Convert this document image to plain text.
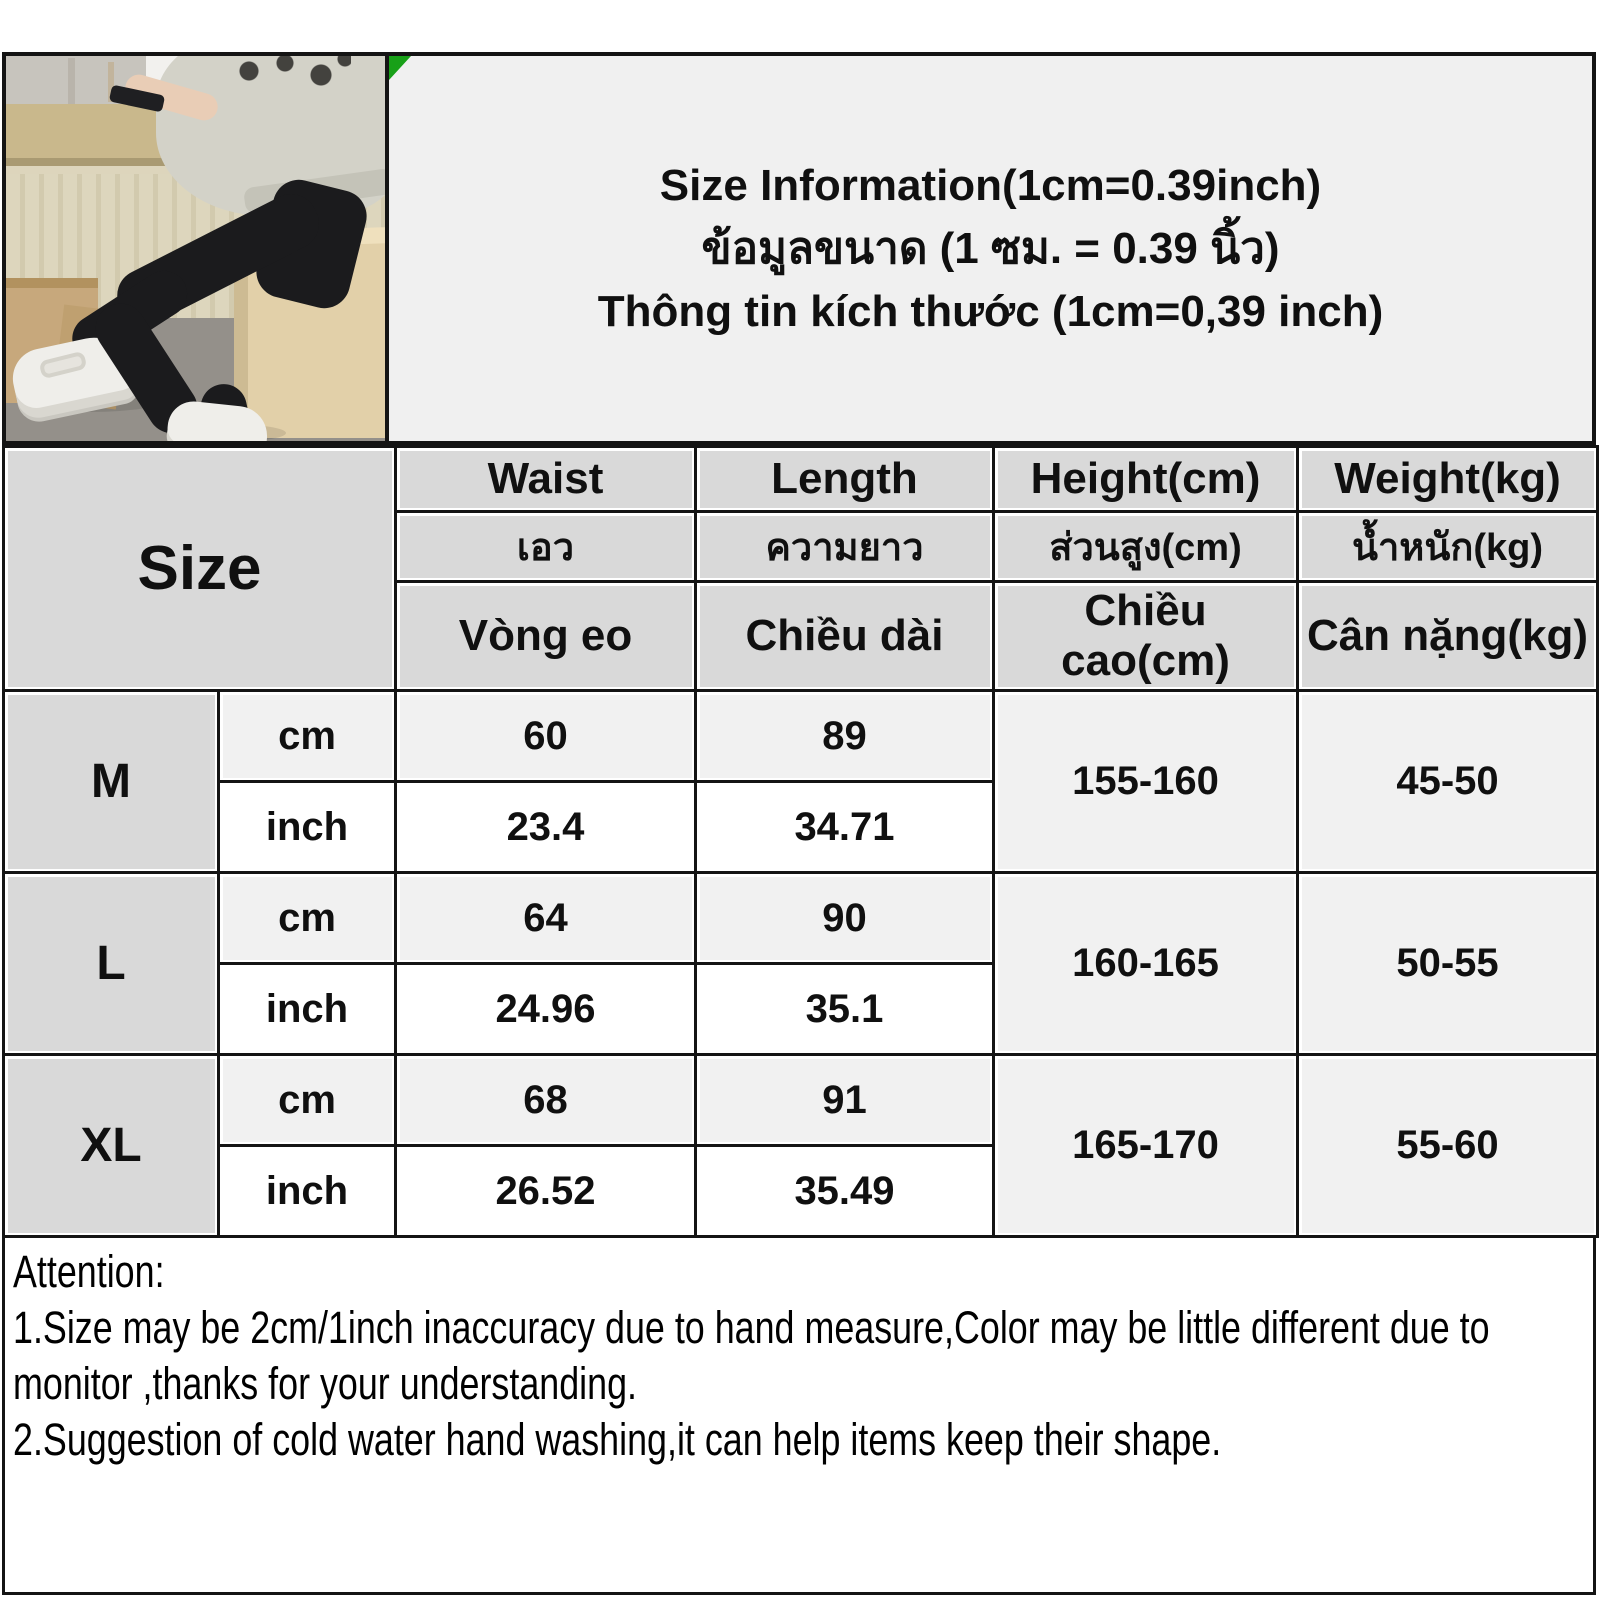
Size Information(1cm=0.39inch)
ข้อมูลขนาด (1 ซม. = 0.39 นิ้ว)
Thông tin kích thước (1cm=0,39 inch)
Size		Waist	Length	Height(cm)	Weight(kg)
		เอว	ความยาว	ส่วนสูง(cm)	น้ำหนัก(kg)
		Vòng eo	Chiều dài	Chiều cao(cm)	Cân nặng(kg)
M	cm	60	89	155-160	45-50
	inch	23.4	34.71		
L	cm	64	90	160-165	50-55
	inch	24.96	35.1		
XL	cm	68	91	165-170	55-60
	inch	26.52	35.49		
Attention:
1.Size may be 2cm/1inch inaccuracy due to hand measure,Color may be little different due to monitor ,thanks for your understanding.
2.Suggestion of cold water hand washing,it can help items keep their shape.
